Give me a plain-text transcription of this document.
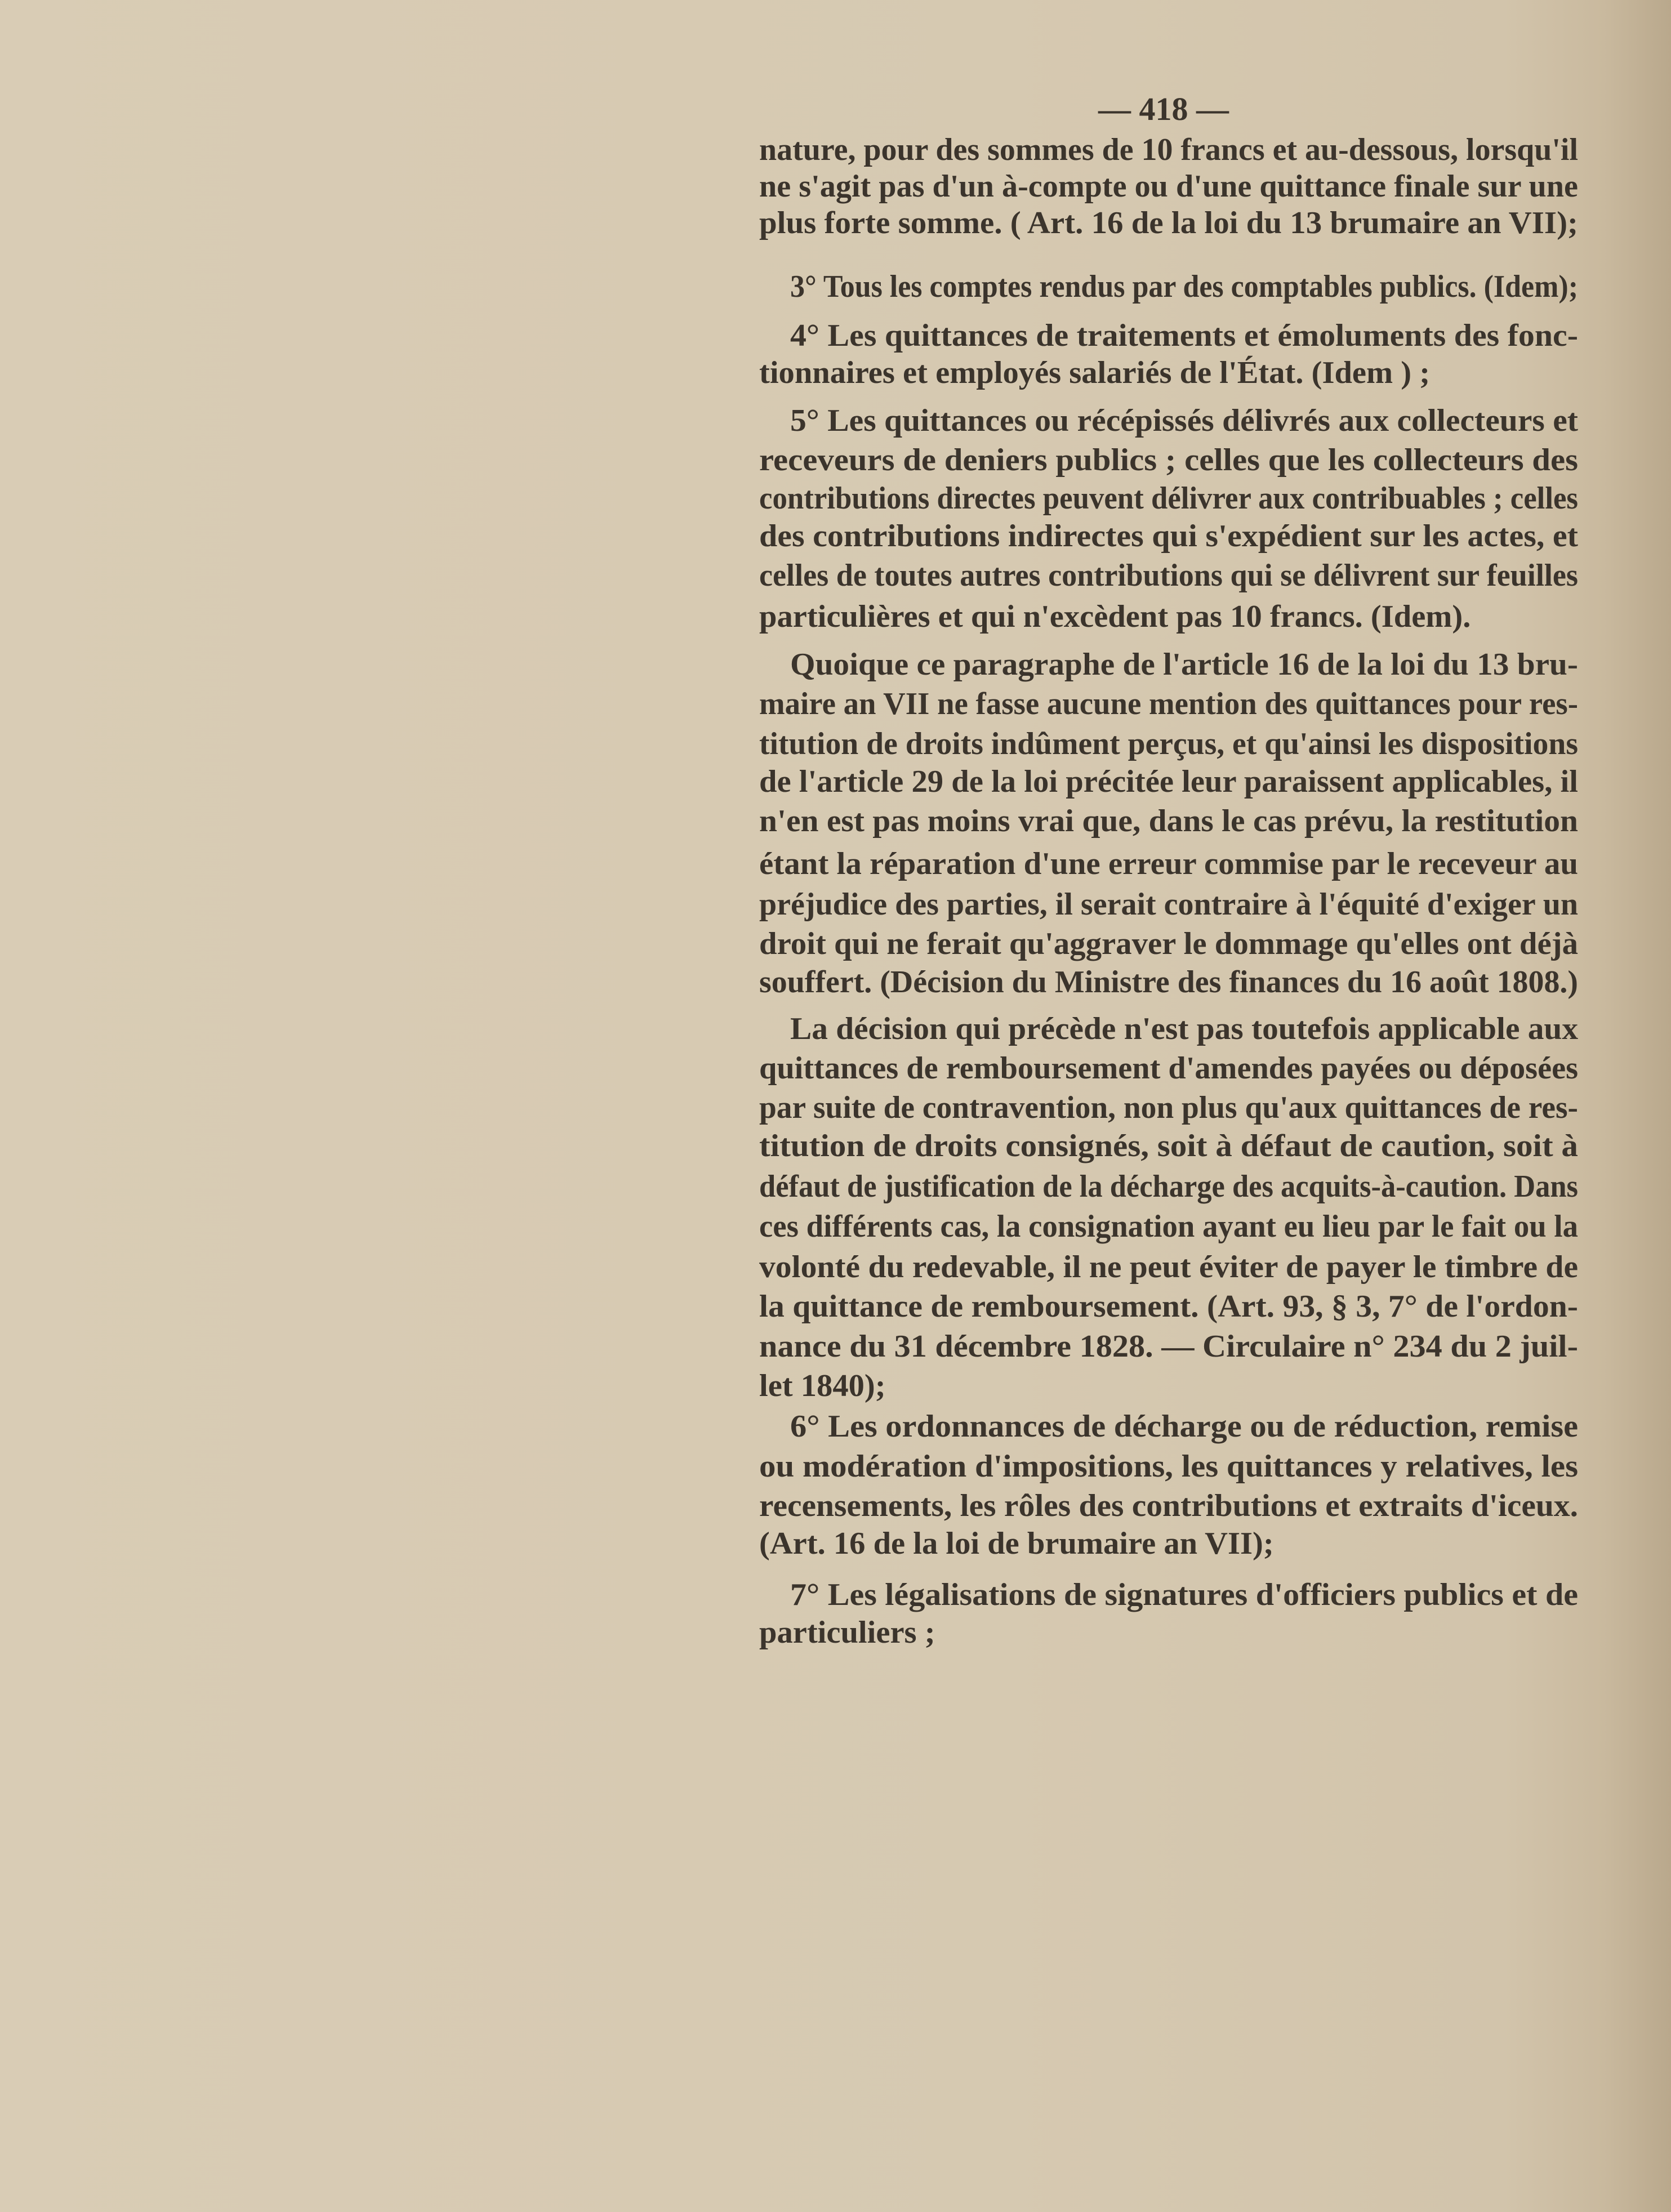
— 418 —
nature, pour des sommes de 10 francs et au-dessous, lorsqu'il
ne s'agit pas d'un à-compte ou d'une quittance finale sur une
plus forte somme. ( Art. 16 de la loi du 13 brumaire an VII);
3° Tous les comptes rendus par des comptables publics. (Idem);
4° Les quittances de traitements et émoluments des fonc-
tionnaires et employés salariés de l'État. (Idem ) ;
5° Les quittances ou récépissés délivrés aux collecteurs et
receveurs de deniers publics ; celles que les collecteurs des
contributions directes peuvent délivrer aux contribuables ; celles
des contributions indirectes qui s'expédient sur les actes, et
celles de toutes autres contributions qui se délivrent sur feuilles
particulières et qui n'excèdent pas 10 francs. (Idem).
Quoique ce paragraphe de l'article 16 de la loi du 13 bru-
maire an VII ne fasse aucune mention des quittances pour res-
titution de droits indûment perçus, et qu'ainsi les dispositions
de l'article 29 de la loi précitée leur paraissent applicables, il
n'en est pas moins vrai que, dans le cas prévu, la restitution
étant la réparation d'une erreur commise par le receveur au
préjudice des parties, il serait contraire à l'équité d'exiger un
droit qui ne ferait qu'aggraver le dommage qu'elles ont déjà
souffert. (Décision du Ministre des finances du 16 août 1808.)
La décision qui précède n'est pas toutefois applicable aux
quittances de remboursement d'amendes payées ou déposées
par suite de contravention, non plus qu'aux quittances de res-
titution de droits consignés, soit à défaut de caution, soit à
défaut de justification de la décharge des acquits-à-caution. Dans
ces différents cas, la consignation ayant eu lieu par le fait ou la
volonté du redevable, il ne peut éviter de payer le timbre de
la quittance de remboursement. (Art. 93, § 3, 7° de l'ordon-
nance du 31 décembre 1828. — Circulaire n° 234 du 2 juil-
let 1840);
6° Les ordonnances de décharge ou de réduction, remise
ou modération d'impositions, les quittances y relatives, les
recensements, les rôles des contributions et extraits d'iceux.
(Art. 16 de la loi de brumaire an VII);
7° Les légalisations de signatures d'officiers publics et de
particuliers ;
